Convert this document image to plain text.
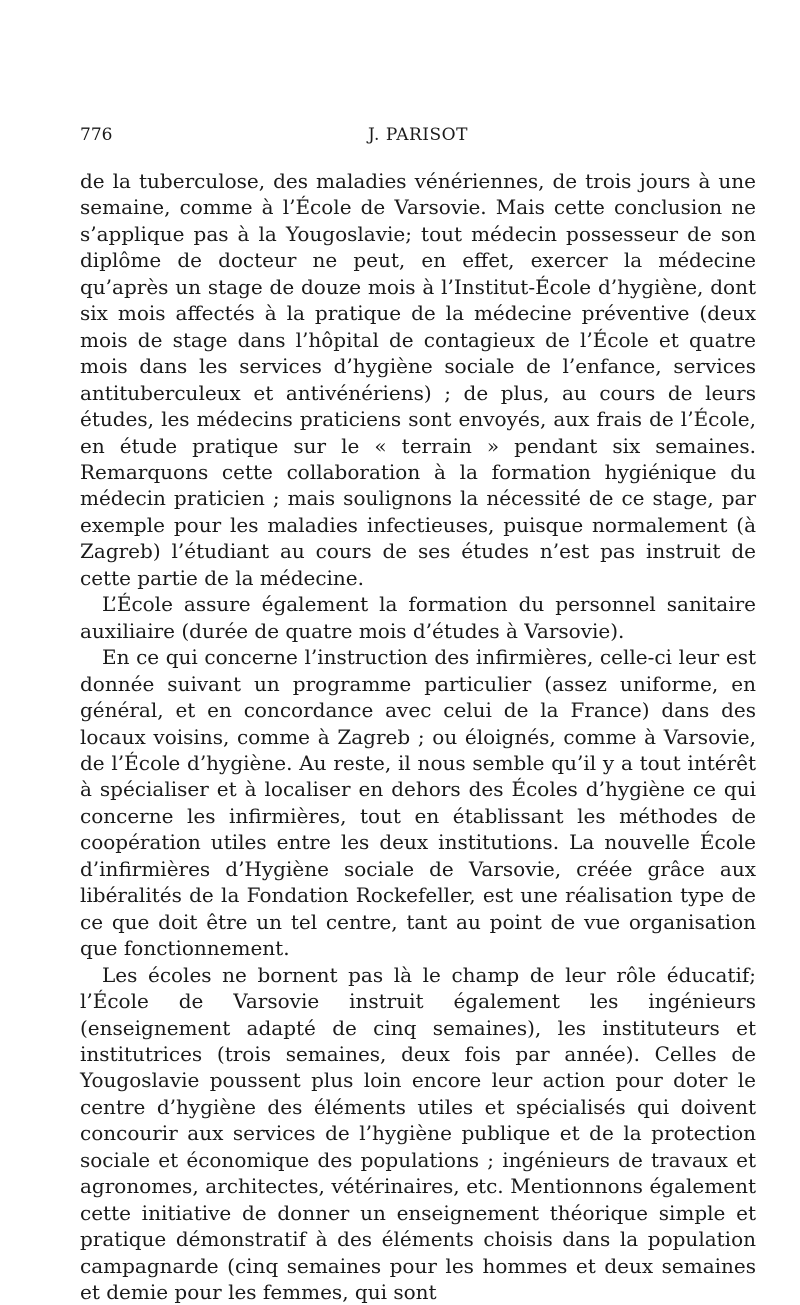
776	J. PARISOT

de la tuberculose, des maladies vénériennes, de trois jours à une semaine, comme à l’École de Varsovie. Mais cette conclusion ne s’applique pas à la Yougoslavie; tout médecin possesseur de son diplôme de docteur ne peut, en effet, exercer la médecine qu’après un stage de douze mois à l’Institut-École d’hygiène, dont six mois affectés à la pratique de la médecine préventive (deux mois de stage dans l’hôpital de contagieux de l’École et quatre mois dans les services d’hygiène sociale de l’enfance, services antituberculeux et antivénériens) ; de plus, au cours de leurs études, les médecins praticiens sont envoyés, aux frais de l’École, en étude pratique sur le « terrain » pendant six semaines. Remarquons cette collaboration à la formation hygiénique du médecin praticien ; mais soulignons la nécessité de ce stage, par exemple pour les maladies infectieuses, puisque normalement (à Zagreb) l’étudiant au cours de ses études n’est pas instruit de cette partie de la médecine.

L’École assure également la formation du personnel sanitaire auxiliaire (durée de quatre mois d’études à Varsovie).

En ce qui concerne l’instruction des infirmières, celle-ci leur est donnée suivant un programme particulier (assez uniforme, en général, et en concordance avec celui de la France) dans des locaux voisins, comme à Zagreb ; ou éloignés, comme à Varsovie, de l’École d’hygiène. Au reste, il nous semble qu’il y a tout intérêt à spécialiser et à localiser en dehors des Écoles d’hygiène ce qui concerne les infirmières, tout en établissant les méthodes de coopération utiles entre les deux institutions. La nouvelle École d’infirmières d’Hygiène sociale de Varsovie, créée grâce aux libéralités de la Fondation Rockefeller, est une réalisation type de ce que doit être un tel centre, tant au point de vue organisation que fonctionnement.

Les écoles ne bornent pas là le champ de leur rôle éducatif; l’École de Varsovie instruit également les ingénieurs (enseignement adapté de cinq semaines), les instituteurs et institutrices (trois semaines, deux fois par année). Celles de Yougoslavie poussent plus loin encore leur action pour doter le centre d’hygiène des éléments utiles et spécialisés qui doivent concourir aux services de l’hygiène publique et de la protection sociale et économique des populations ; ingénieurs de travaux et agronomes, architectes, vétérinaires, etc. Mentionnons également cette initiative de donner un enseignement théorique simple et pratique démonstratif à des éléments choisis dans la population campagnarde (cinq semaines pour les hommes et deux semaines et demie pour les femmes, qui sont
